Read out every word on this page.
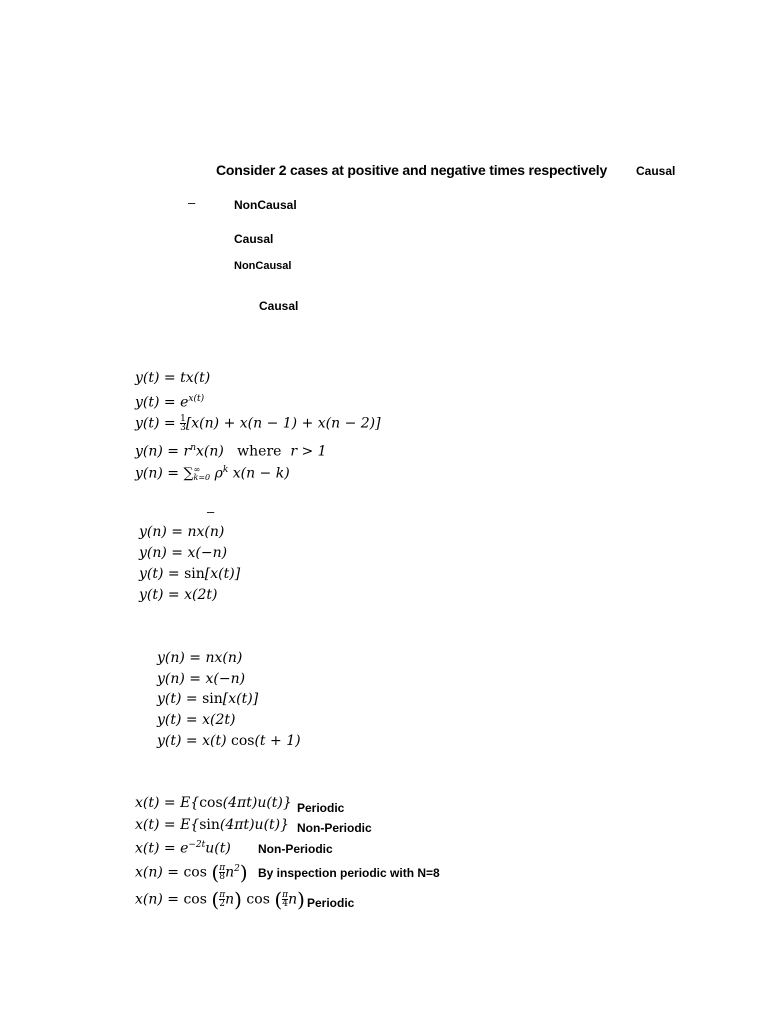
Consider 2 cases at positive and negative times respectively Causal
–	NonCausal
Causal
NonCausal
Causal
y(t) = tx(t)
$y(t) = e^{x(t)}$
$y(t) = \frac{1}{3} [x(n) + x(n - 1) + x(n - 2)]$
$y(n) = r^nx(n)$   where  r > 1
y(n) = ∑ ∞
k=0 $\rho^k$ x(n − k)
–
y(n) = nx(n)
y(n) = x(−n)
y(t) = sin[x(t)]
y(t) = x(2t)
y(n) = nx(n)
y(n) = x(−n)
y(t) = sin[x(t)]
y(t) = x(2t)
y(t) = x(t) cos(t + 1)
x(t) = E{cos(4πt)u(t)} Periodic
x(t) = E{sin(4πt)u(t)} Non-Periodic
$x(t) = e^{-2t}u(t)$ Non-Periodic
x(n) = cos ( $\frac{\pi}{8} n^2$) By inspection periodic with N=8
x(n) = cos ( $\frac{\pi}{2} n$) cos ( $\frac{\pi}{4} n$) Periodic
